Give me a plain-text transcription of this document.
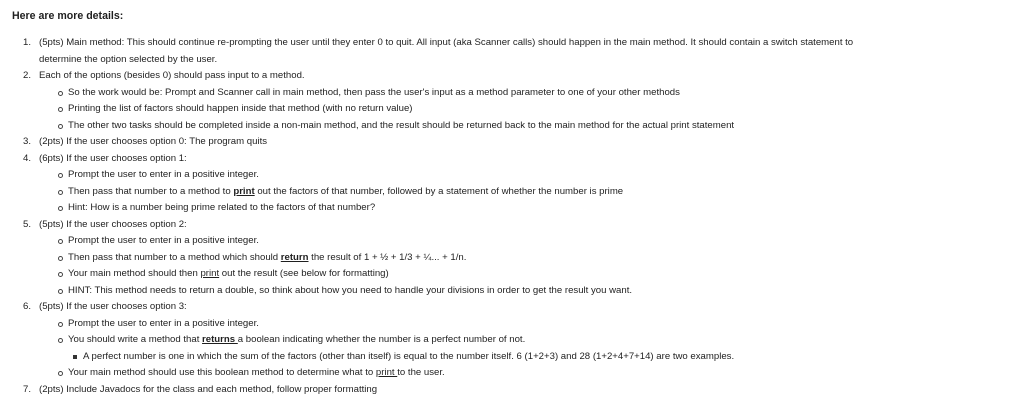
Here are more details:
1. (5pts) Main method: This should continue re-prompting the user until they enter 0 to quit. All input (aka Scanner calls) should happen in the main method. It should contain a switch statement to
determine the option selected by the user.
2. Each of the options (besides 0) should pass input to a method.
So the work would be: Prompt and Scanner call in main method, then pass the user's input as a method parameter to one of your other methods
Printing the list of factors should happen inside that method (with no return value)
The other two tasks should be completed inside a non-main method, and the result should be returned back to the main method for the actual print statement
3. (2pts) If the user chooses option 0: The program quits
4. (6pts) If the user chooses option 1:
Prompt the user to enter in a positive integer.
Then pass that number to a method to print out the factors of that number, followed by a statement of whether the number is prime
Hint: How is a number being prime related to the factors of that number?
5. (5pts) If the user chooses option 2:
Prompt the user to enter in a positive integer.
Then pass that number to a method which should return the result of 1 + ½ + 1/3 + ¼... + 1/n.
Your main method should then print out the result (see below for formatting)
HINT: This method needs to return a double, so think about how you need to handle your divisions in order to get the result you want.
6. (5pts) If the user chooses option 3:
Prompt the user to enter in a positive integer.
You should write a method that returns a boolean indicating whether the number is a perfect number of not.
A perfect number is one in which the sum of the factors (other than itself) is equal to the number itself. 6 (1+2+3) and 28 (1+2+4+7+14) are two examples.
Your main method should use this boolean method to determine what to print to the user.
7. (2pts) Include Javadocs for the class and each method, follow proper formatting
